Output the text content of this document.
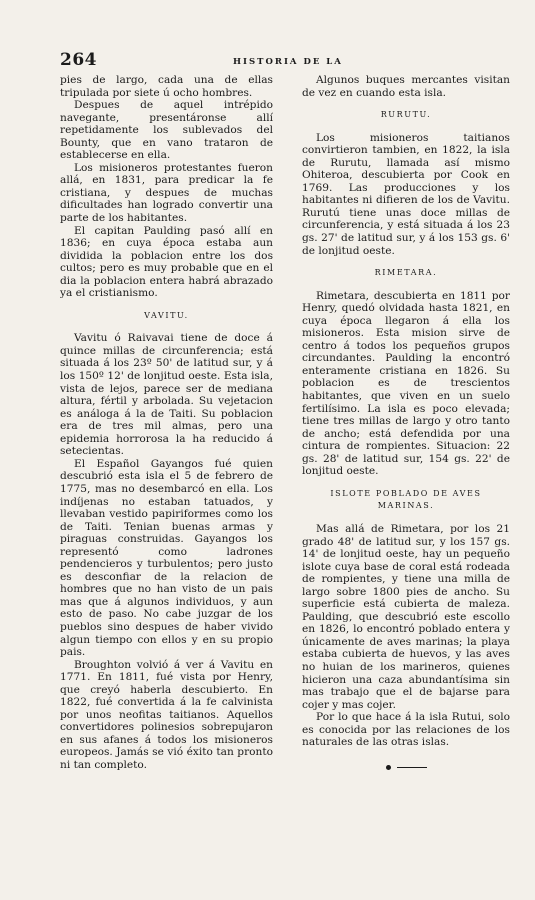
264	HISTORIA DE LA

pies de largo, cada una de ellas tripulada por siete ú ocho hombres.

Despues de aquel intrépido navegante, presentáronse allí repetidamente los sublevados del Bounty, que en vano trataron de establecerse en ella.

Los misioneros protestantes fueron allá, en 1831, para predicar la fe cristiana, y despues de muchas dificultades han logrado convertir una parte de los habitantes.

El capitan Paulding pasó allí en 1836; en cuya época estaba aun dividida la poblacion entre los dos cultos; pero es muy probable que en el dia la poblacion entera habrá abrazado ya el cristianismo.

VAVITU.

Vavitu ó Raivavai tiene de doce á quince millas de circunferencia; está situada á los 23º 50' de latitud sur, y á los 150º 12' de lonjitud oeste. Esta isla, vista de lejos, parece ser de mediana altura, fértil y arbolada. Su vejetacion es análoga á la de Taiti. Su poblacion era de tres mil almas, pero una epidemia horrorosa la ha reducido á setecientas.

El Español Gayangos fué quien descubrió esta isla el 5 de febrero de 1775, mas no desembarcó en ella. Los indíjenas no estaban tatuados, y llevaban vestido papiriformes como los de Taiti. Tenian buenas armas y piraguas construidas. Gayangos los representó como ladrones pendencieros y turbulentos; pero justo es desconfiar de la relacion de hombres que no han visto de un pais mas que á algunos individuos, y aun esto de paso. No cabe juzgar de los pueblos sino despues de haber vivido algun tiempo con ellos y en su propio pais.

Broughton volvió á ver á Vavitu en 1771. En 1811, fué vista por Henry, que creyó haberla descubierto. En 1822, fué convertida á la fe calvinista por unos neofitas taitianos. Aquellos convertidores polinesios sobrepujaron en sus afanes á todos los misioneros europeos. Jamás se vió éxito tan pronto ni tan completo.

Algunos buques mercantes visitan de vez en cuando esta isla.

RURUTU.

Los misioneros taitianos convirtieron tambien, en 1822, la isla de Rurutu, llamada así mismo Ohiteroa, descubierta por Cook en 1769. Las producciones y los habitantes ni difieren de los de Vavitu. Rurutú tiene unas doce millas de circunferencia, y está situada á los 23 gs. 27' de latitud sur, y á los 153 gs. 6' de lonjitud oeste.

RIMETARA.

Rimetara, descubierta en 1811 por Henry, quedó olvidada hasta 1821, en cuya época llegaron á ella los misioneros. Esta mision sirve de centro á todos los pequeños grupos circundantes. Paulding la encontró enteramente cristiana en 1826. Su poblacion es de trescientos habitantes, que viven en un suelo fertilísimo. La isla es poco elevada; tiene tres millas de largo y otro tanto de ancho; está defendida por una cintura de rompientes. Situacion: 22 gs. 28' de latitud sur, 154 gs. 22' de lonjitud oeste.

ISLOTE POBLADO DE AVES MARINAS.

Mas allá de Rimetara, por los 21 grado 48' de latitud sur, y los 157 gs. 14' de lonjitud oeste, hay un pequeño islote cuya base de coral está rodeada de rompientes, y tiene una milla de largo sobre 1800 pies de ancho. Su superficie está cubierta de maleza. Paulding, que descubrió este escollo en 1826, lo encontró poblado entera y únicamente de aves marinas; la playa estaba cubierta de huevos, y las aves no huian de los marineros, quienes hicieron una caza abundantísima sin mas trabajo que el de bajarse para cojer y mas cojer.

Por lo que hace á la isla Rutui, solo es conocida por las relaciones de los naturales de las otras islas.
